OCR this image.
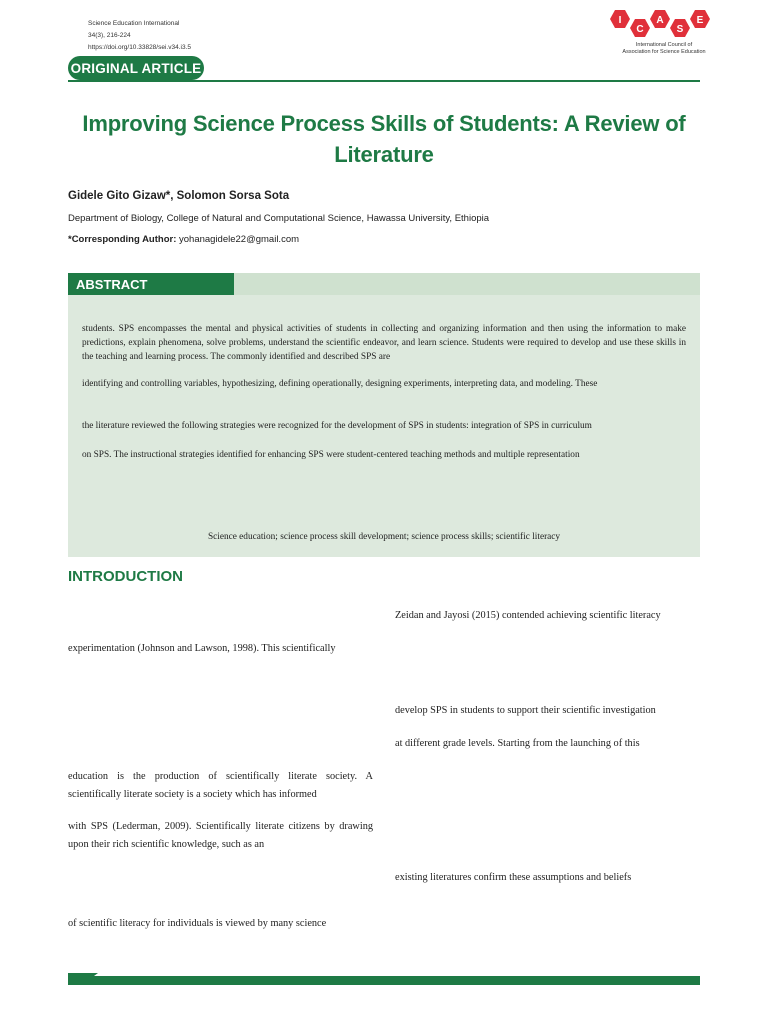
Science Education International
34(3), 216-224
https://doi.org/10.33828/sei.v34.i3.5
I
C
A
S
E
International Council of
Association for Science Education
ORIGINAL ARTICLE
Improving Science Process Skills of Students: A Review of Literature
Gidele Gito Gizaw*, Solomon Sorsa Sota
Department of Biology, College of Natural and Computational Science, Hawassa University, Ethiopia
*Corresponding Author: yohanagidele22@gmail.com
ABSTRACT
students. SPS encompasses the mental and physical activities of students in collecting and organizing information and then using the information to make predictions, explain phenomena, solve problems, understand the scientific endeavor, and learn science. Students were required to develop and use these skills in the teaching and learning process. The commonly identified and described SPS are
identifying and controlling variables, hypothesizing, defining operationally, designing experiments, interpreting data, and modeling. These
the literature reviewed the following strategies were recognized for the development of SPS in students: integration of SPS in curriculum
on SPS. The instructional strategies identified for enhancing SPS were student-centered teaching methods and multiple representation
Science education; science process skill development; science process skills; scientific literacy
INTRODUCTION
Zeidan and Jayosi (2015) contended achieving scientific literacy
experimentation (Johnson and Lawson, 1998). This scientifically
develop SPS in students to support their scientific investigation
at different grade levels. Starting from the launching of this
education is the production of scientifically literate society. A scientifically literate society is a society which has informed
with SPS (Lederman, 2009). Scientifically literate citizens by drawing upon their rich scientific knowledge, such as an
existing literatures confirm these assumptions and beliefs
of scientific literacy for individuals is viewed by many science
